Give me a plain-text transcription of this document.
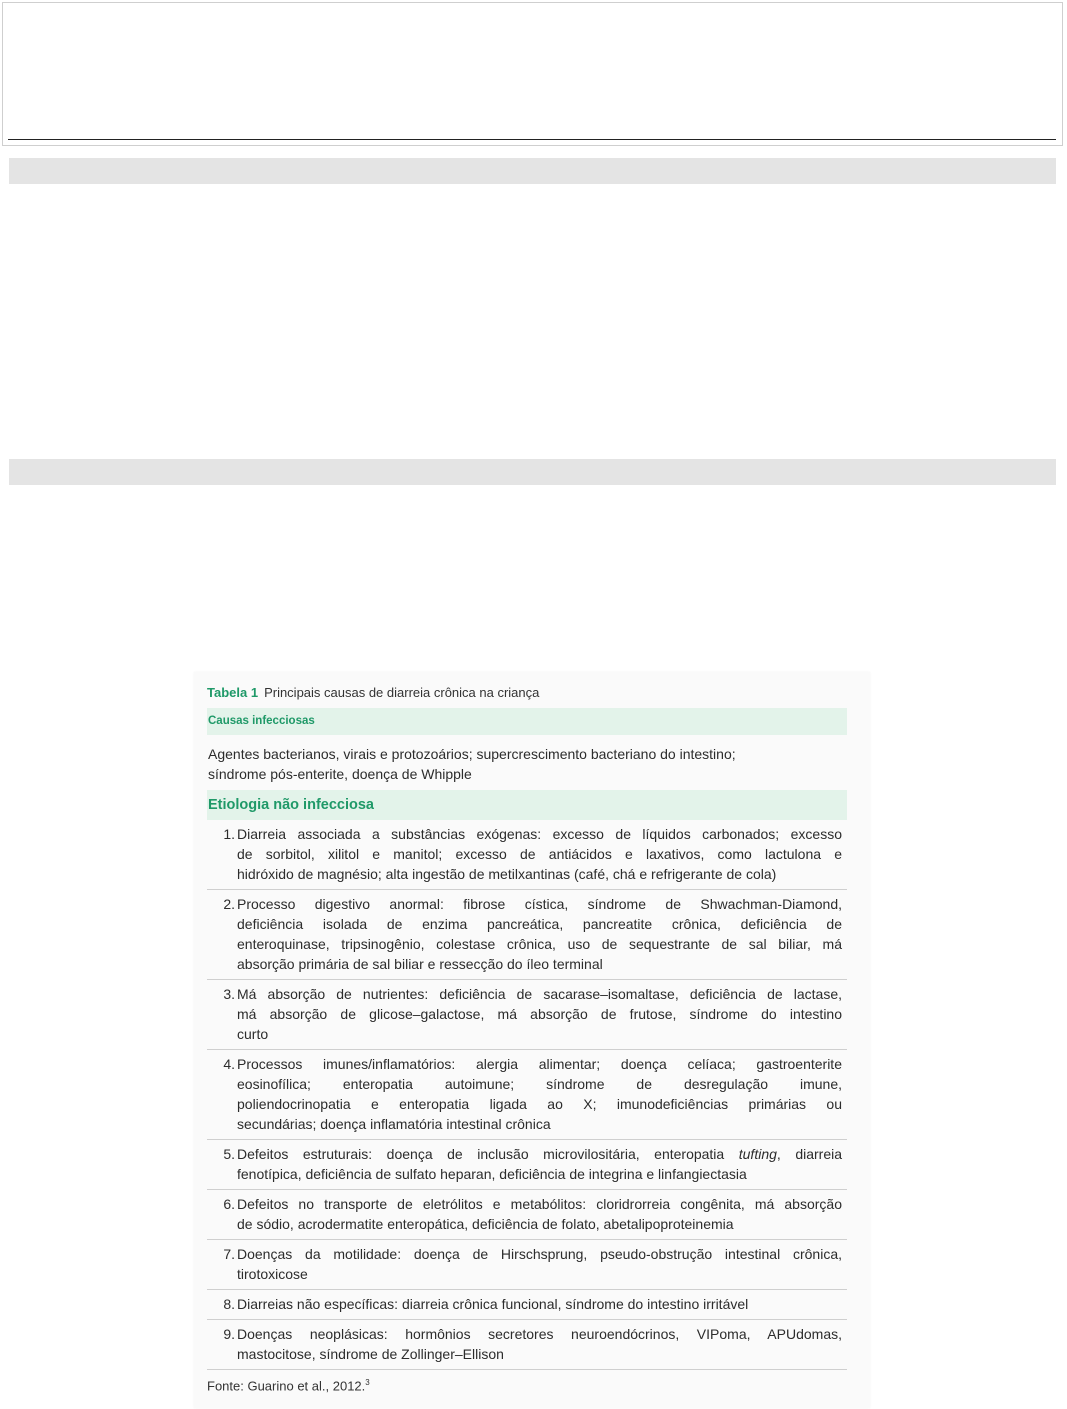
Tabela 1 Principais causas de diarreia crônica na criança
Causas infecciosas
Agentes bacterianos, virais e protozoários; supercrescimento bacteriano do intestino;
síndrome pós-enterite, doença de Whipple
Etiologia não infecciosa
1. Diarreia associada a substâncias exógenas: excesso de líquidos carbonados; excesso
de sorbitol, xilitol e manitol; excesso de antiácidos e laxativos, como lactulona e
hidróxido de magnésio; alta ingestão de metilxantinas (café, chá e refrigerante de cola)
2. Processo digestivo anormal: fibrose cística, síndrome de Shwachman-Diamond,
deficiência isolada de enzima pancreática, pancreatite crônica, deficiência de
enteroquinase, tripsinogênio, colestase crônica, uso de sequestrante de sal biliar, má
absorção primária de sal biliar e ressecção do íleo terminal
3. Má absorção de nutrientes: deficiência de sacarase–isomaltase, deficiência de lactase,
má absorção de glicose–galactose, má absorção de frutose, síndrome do intestino
curto
4. Processos imunes/inflamatórios: alergia alimentar; doença celíaca; gastroenterite
eosinofílica; enteropatia autoimune; síndrome de desregulação imune,
poliendocrinopatia e enteropatia ligada ao X; imunodeficiências primárias ou
secundárias; doença inflamatória intestinal crônica
5. Defeitos estruturais: doença de inclusão microvilositária, enteropatia tufting, diarreia
fenotípica, deficiência de sulfato heparan, deficiência de integrina e linfangiectasia
6. Defeitos no transporte de eletrólitos e metabólitos: cloridrorreia congênita, má absorção
de sódio, acrodermatite enteropática, deficiência de folato, abetalipoproteinemia
7. Doenças da motilidade: doença de Hirschsprung, pseudo-obstrução intestinal crônica,
tirotoxicose
8. Diarreias não específicas: diarreia crônica funcional, síndrome do intestino irritável
9. Doenças neoplásicas: hormônios secretores neuroendócrinos, VIPoma, APUdomas,
mastocitose, síndrome de Zollinger–Ellison
Fonte: Guarino et al., 2012.$^3$
